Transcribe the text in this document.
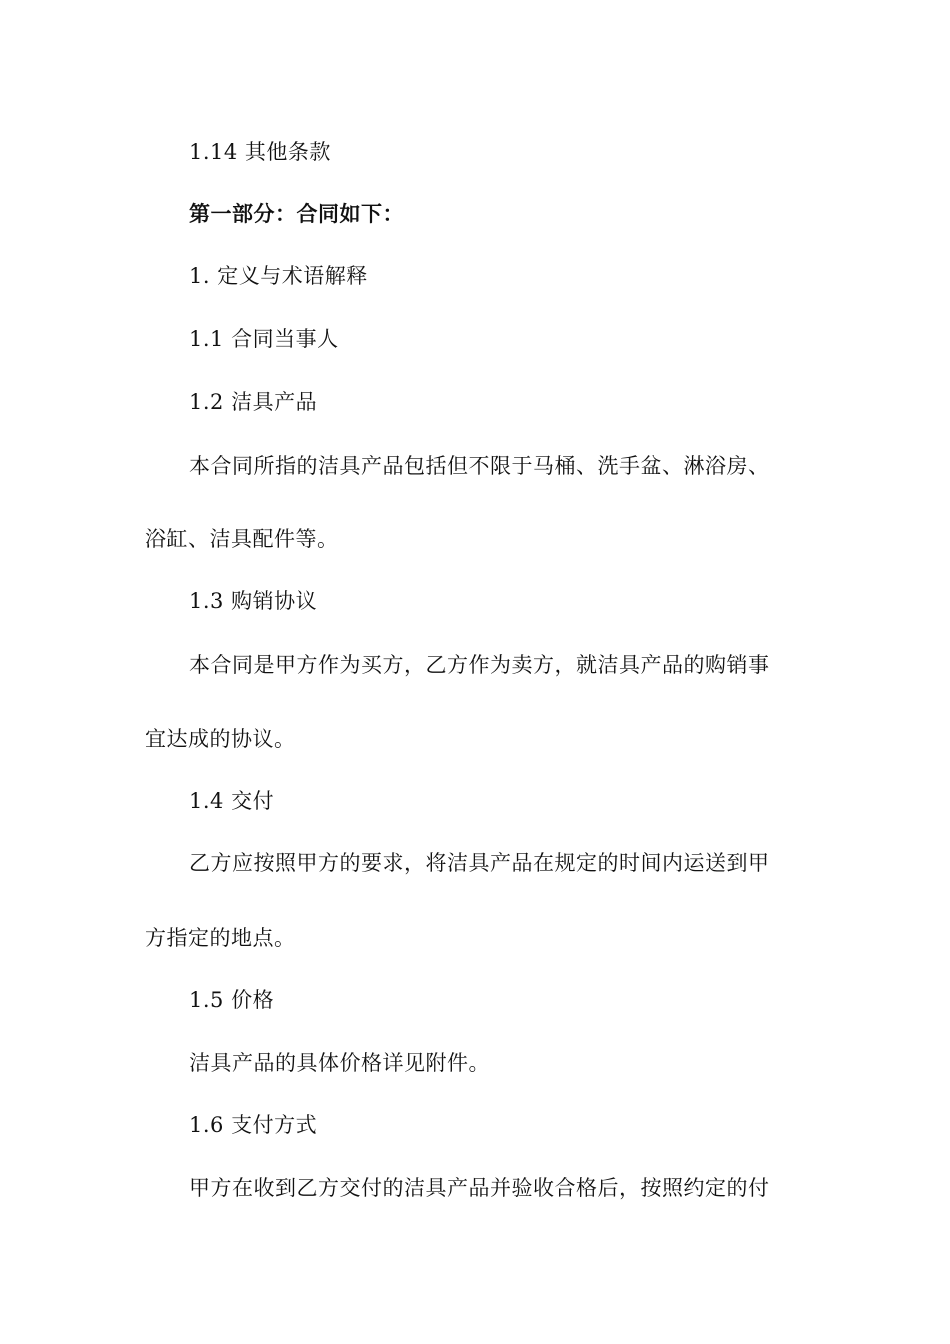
1.14 其他条款
第一部分：合同如下：
1. 定义与术语解释
1.1 合同当事人
1.2 洁具产品
本合同所指的洁具产品包括但不限于马桶、洗手盆、淋浴房、
浴缸、洁具配件等。
1.3 购销协议
本合同是甲方作为买方，乙方作为卖方，就洁具产品的购销事
宜达成的协议。
1.4 交付
乙方应按照甲方的要求，将洁具产品在规定的时间内运送到甲
方指定的地点。
1.5 价格
洁具产品的具体价格详见附件。
1.6 支付方式
甲方在收到乙方交付的洁具产品并验收合格后，按照约定的付
